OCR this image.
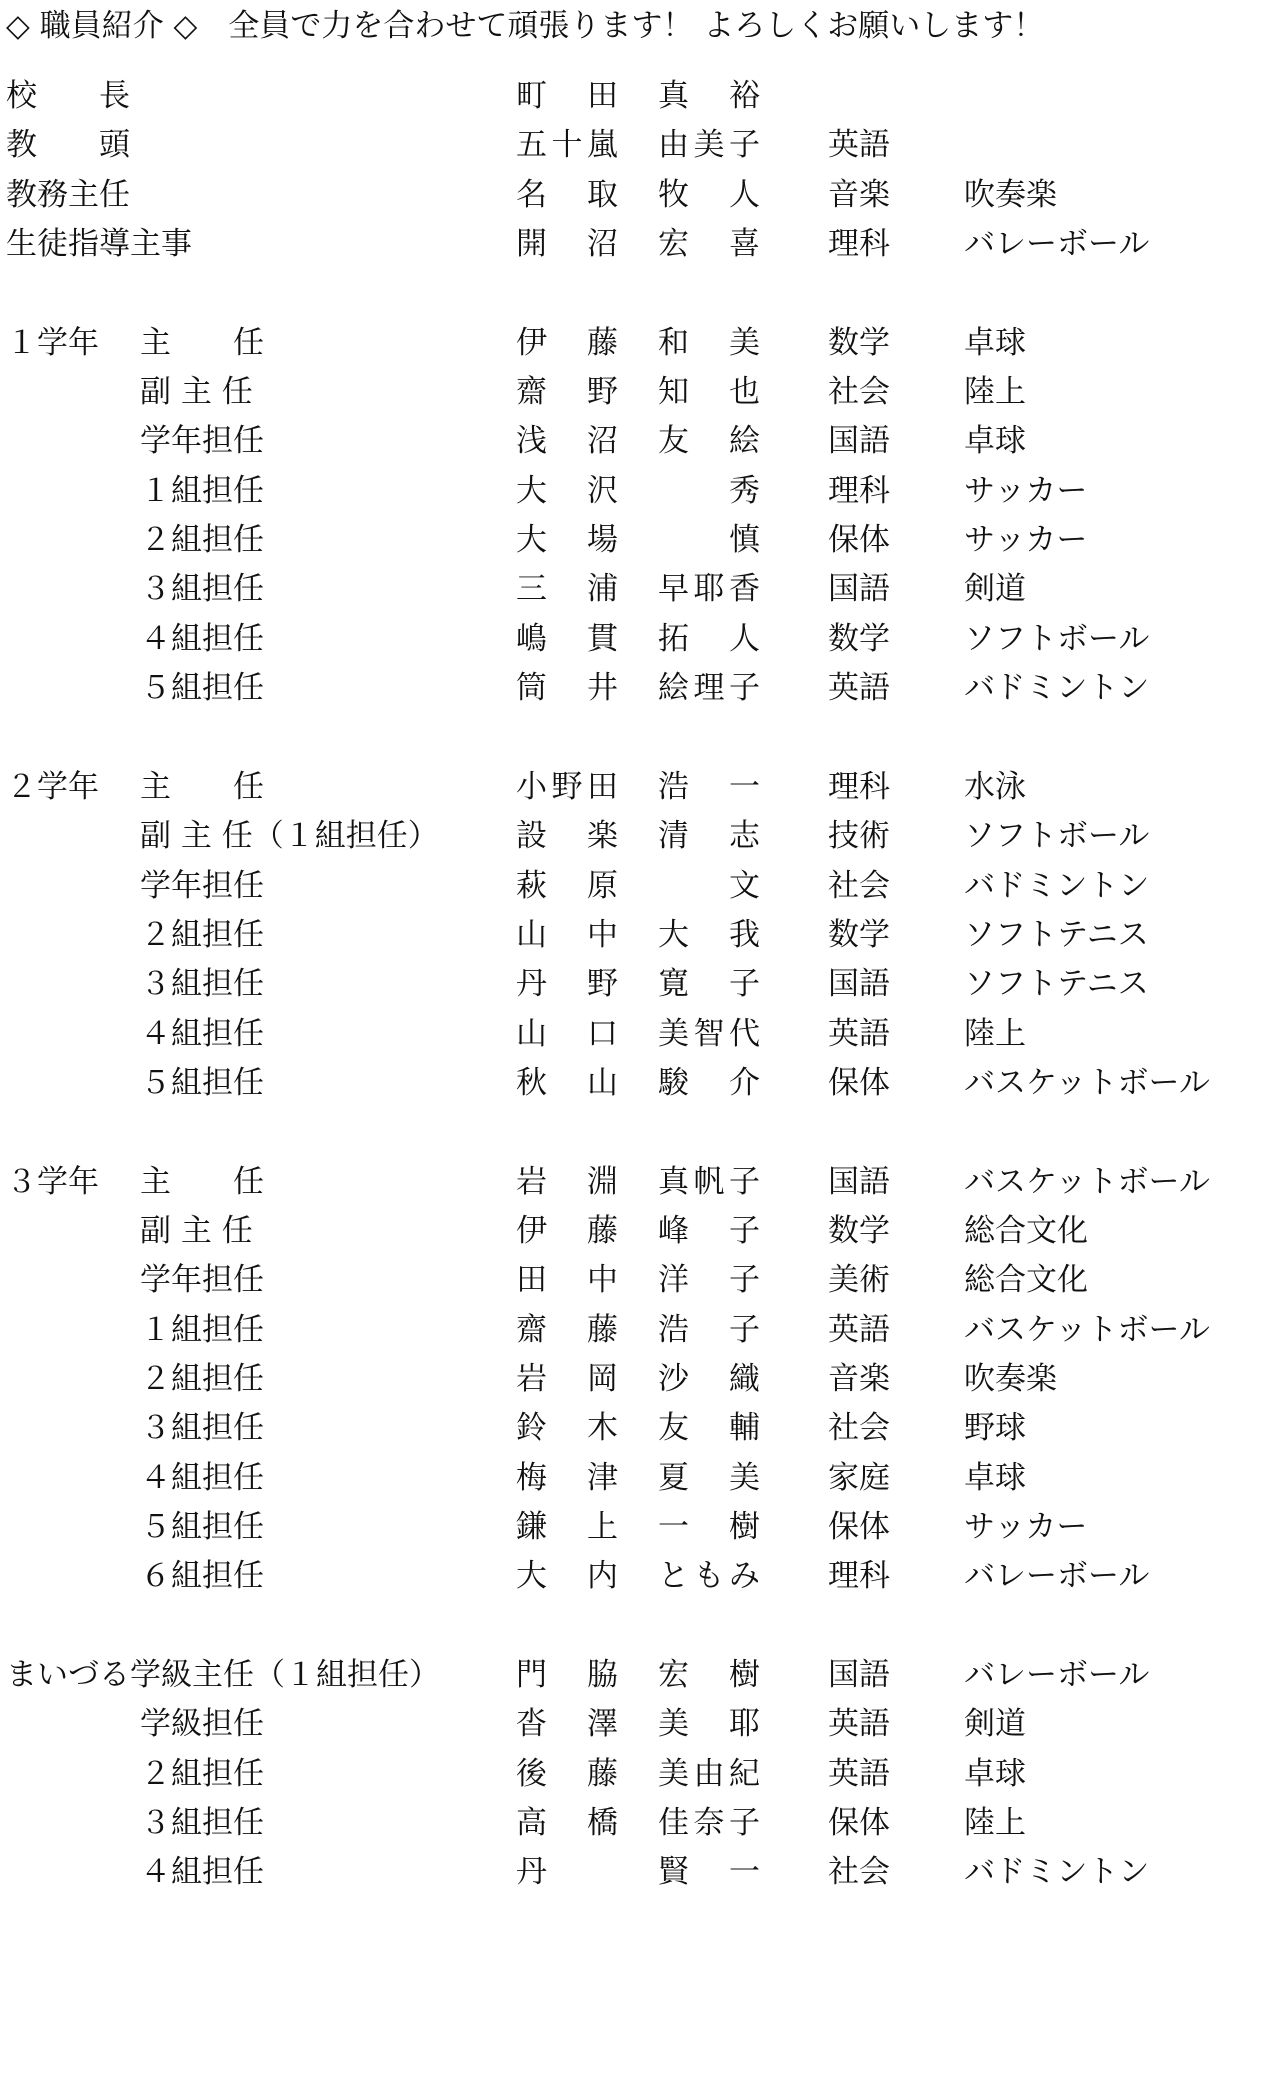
◇ 職員紹介 ◇　全員で力を合わせて頑張ります！ よろしくお願いします！
校　　長	町　田　真　裕
教　　頭	五十嵐　由美子 英語
教務主任	名　取　牧　人 音楽 吹奏楽
生徒指導主事	開　沼　宏　喜 理科 バレーボール
１学年 主　　任	伊　藤　和　美 数学 卓球
副 主 任	齋　野　知　也 社会 陸上
学年担任	浅　沼　友　絵 国語 卓球
１組担任	大　沢　　　秀 理科 サッカー
２組担任	大　場　　　慎 保体 サッカー
３組担任	三　浦　早耶香 国語 剣道
４組担任	嶋　貫　拓　人 数学 ソフトボール
５組担任	筒　井　絵理子 英語 バドミントン
２学年 主　　任	小野田　浩　一 理科 水泳
副 主 任（１組担任） 設　楽　清　志 技術 ソフトボール
学年担任	萩　原　　　文 社会 バドミントン
２組担任	山　中　大　我 数学 ソフトテニス
３組担任	丹　野　寛　子 国語 ソフトテニス
４組担任	山　口　美智代 英語 陸上
５組担任	秋　山　駿　介 保体 バスケットボール
３学年 主　　任	岩　淵　真帆子 国語 バスケットボール
副 主 任	伊　藤　峰　子 数学 総合文化
学年担任	田　中　洋　子 美術 総合文化
１組担任	齋　藤　浩　子 英語 バスケットボール
２組担任	岩　岡　沙　織 音楽 吹奏楽
３組担任	鈴　木　友　輔 社会 野球
４組担任	梅　津　夏　美 家庭 卓球
５組担任	鎌　上　一　樹 保体 サッカー
６組担任	大　内　ともみ 理科 バレーボール
まいづる学級主任（１組担任） 門　脇　宏　樹 国語 バレーボール
学級担任	沓　澤　美　耶 英語 剣道
２組担任	後　藤　美由紀 英語 卓球
３組担任	高　橋　佳奈子 保体 陸上
４組担任	丹　　　賢　一 社会 バドミントン
